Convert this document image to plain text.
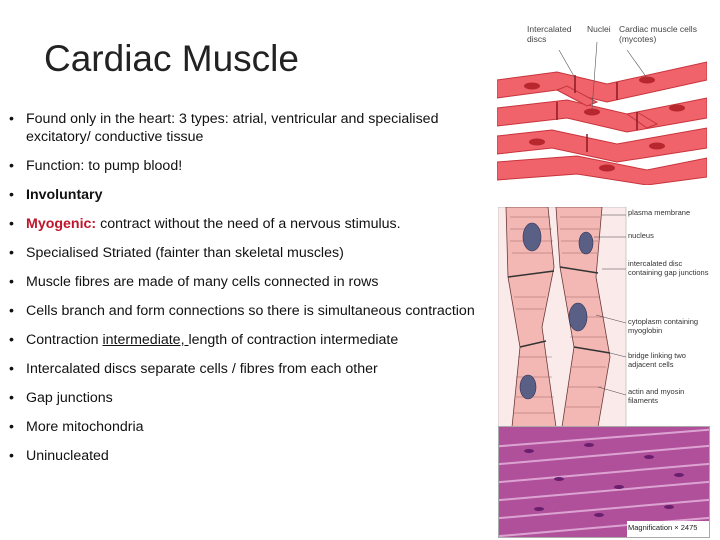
Cardiac Muscle
• Found only in the heart: 3 types: atrial, ventricular and specialised excitatory/ conductive tissue
• Function: to pump blood!
• Involuntary
• Myogenic: contract without the need of a nervous stimulus.
• Specialised Striated (fainter than skeletal muscles)
• Muscle fibres are made of many cells connected in rows
• Cells branch and form connections so there is simultaneous contraction
• Contraction intermediate, length of contraction intermediate
• Intercalated discs separate cells / fibres from each other
• Gap junctions
• More mitochondria
• Uninucleated
Intercalated discs
Nuclei Cardiac muscle cells (mycotes)
plasma membrane
nucleus
intercalated disc containing gap junctions
cytoplasm containing myoglobin
bridge linking two adjacent cells
actin and myosin filaments
Magnification × 2475
